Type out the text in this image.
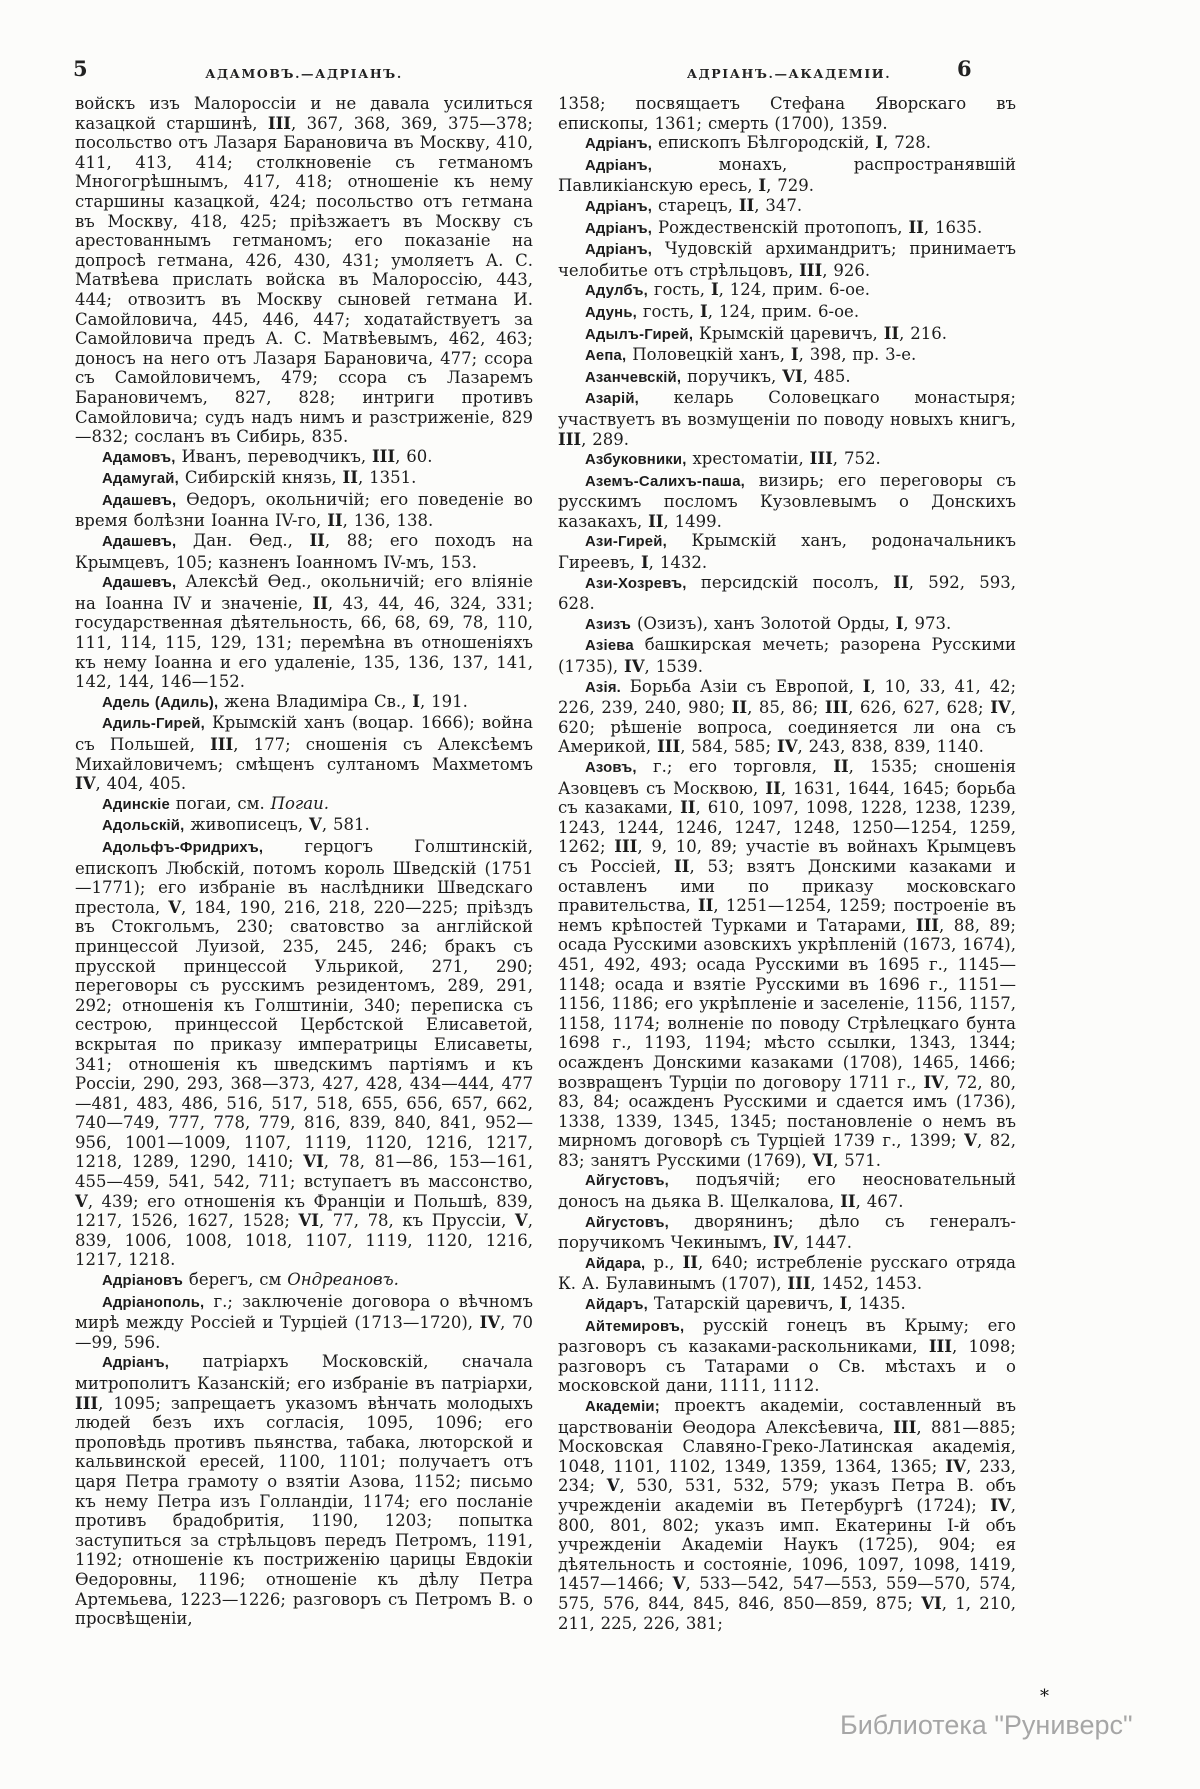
5	АДАМОВЪ.—АДРІАНЪ.	АДРІАНЪ.—АКАДЕМІИ.	6

войскъ изъ Малороссіи и не давала усилиться казацкой старшинѣ, III, 367, 368, 369, 375—378; посольство отъ Лазаря Барановича въ Москву, 410, 411, 413, 414; столкновеніе съ гетманомъ Многогрѣшнымъ, 417, 418; отношеніе къ нему старшины казацкой, 424; посольство отъ гетмана въ Москву, 418, 425; пріѣзжаетъ въ Москву съ арестованнымъ гетманомъ; его показаніе на допросѣ гетмана, 426, 430, 431; умоляетъ А. С. Матвѣева прислать войска въ Малороссію, 443, 444; отвозитъ въ Москву сыновей гетмана И. Самойловича, 445, 446, 447; ходатайствуетъ за Самойловича предъ А. С. Матвѣевымъ, 462, 463; доносъ на него отъ Лазаря Барановича, 477; ссора съ Самойловичемъ, 479; ссора съ Лазаремъ Барановичемъ, 827, 828; интриги противъ Самойловича; судъ надъ нимъ и разстриженіе, 829—832; сосланъ въ Сибирь, 835.

Адамовъ, Иванъ, переводчикъ, III, 60.

Адамугай, Сибирскій князь, II, 1351.

Адашевъ, Ѳедоръ, окольничій; его поведеніе во время болѣзни Іоанна IV-го, II, 136, 138.

Адашевъ, Дан. Ѳед., II, 88; его походъ на Крымцевъ, 105; казненъ Іоанномъ IV-мъ, 153.

Адашевъ, Алексѣй Ѳед., окольничій; его вліяніе на Іоанна IV и значеніе, II, 43, 44, 46, 324, 331; государственная дѣятельность, 66, 68, 69, 78, 110, 111, 114, 115, 129, 131; перемѣна въ отношеніяхъ къ нему Іоанна и его удаленіе, 135, 136, 137, 141, 142, 144, 146—152.

Адель (Адиль), жена Владиміра Св., I, 191.

Адиль-Гирей, Крымскій ханъ (воцар. 1666); война съ Польшей, III, 177; сношенія съ Алексѣемъ Михайловичемъ; смѣщенъ султаномъ Махметомъ IV, 404, 405.

Адинскіе погаи, см. Погаи.

Адольскій, живописецъ, V, 581.

Адольфъ-Фридрихъ, герцогъ Голштинскій, епископъ Любскій, потомъ король Шведскій (1751—1771); его избраніе въ наслѣдники Шведскаго престола, V, 184, 190, 216, 218, 220—225; пріѣздъ въ Стокгольмъ, 230; сватовство за англійской принцессой Луизой, 235, 245, 246; бракъ съ прусской принцессой Ульрикой, 271, 290; переговоры съ русскимъ резидентомъ, 289, 291, 292; отношенія къ Голштиніи, 340; переписка съ сестрою, принцессой Цербстской Елисаветой, вскрытая по приказу императрицы Елисаветы, 341; отношенія къ шведскимъ партіямъ и къ Россіи, 290, 293, 368—373, 427, 428, 434—444, 477—481, 483, 486, 516, 517, 518, 655, 656, 657, 662, 740—749, 777, 778, 779, 816, 839, 840, 841, 952—956, 1001—1009, 1107, 1119, 1120, 1216, 1217, 1218, 1289, 1290, 1410; VI, 78, 81—86, 153—161, 455—459, 541, 542, 711; вступаетъ въ массонство, V, 439; его отношенія къ Франціи и Польшѣ, 839, 1217, 1526, 1627, 1528; VI, 77, 78, къ Пруссіи, V, 839, 1006, 1008, 1018, 1107, 1119, 1120, 1216, 1217, 1218.

Адріановъ берегъ, см Ондреановъ.

Адріанополь, г.; заключеніе договора о вѣчномъ мирѣ между Россіей и Турціей (1713—1720), IV, 70—99, 596.

Адріанъ, патріархъ Московскій, сначала митрополитъ Казанскій; его избраніе въ патріархи, III, 1095; запрещаетъ указомъ вѣнчать молодыхъ людей безъ ихъ согласія, 1095, 1096; его проповѣдь противъ пьянства, табака, люторской и кальвинской ересей, 1100, 1101; получаетъ отъ царя Петра грамоту о взятіи Азова, 1152; письмо къ нему Петра изъ Голландіи, 1174; его посланіе противъ брадобритія, 1190, 1203; попытка заступиться за стрѣльцовъ передъ Петромъ, 1191, 1192; отношеніе къ постриженію царицы Евдокіи Ѳедоровны, 1196; отношеніе къ дѣлу Петра Артемьева, 1223—1226; разговоръ съ Петромъ В. о просвѣщеніи,

1358; посвящаетъ Стефана Яворскаго въ епископы, 1361; смерть (1700), 1359.

Адріанъ, епископъ Бѣлгородскій, I, 728.

Адріанъ, монахъ, распространявшій Павликіанскую ересь, I, 729.

Адріанъ, старецъ, II, 347.

Адріанъ, Рождественскій протопопъ, II, 1635.

Адріанъ, Чудовскій архимандритъ; принимаетъ челобитье отъ стрѣльцовъ, III, 926.

Адулбъ, гость, I, 124, прим. 6-ое.

Адунь, гость, I, 124, прим. 6-ое.

Адылъ-Гирей, Крымскій царевичъ, II, 216.

Аепа, Половецкій ханъ, I, 398, пр. 3-е.

Азанчевскій, поручикъ, VI, 485.

Азарій, келарь Соловецкаго монастыря; участвуетъ въ возмущеніи по поводу новыхъ книгъ, III, 289.

Азбуковники, хрестоматіи, III, 752.

Аземъ-Салихъ-паша, визирь; его переговоры съ русскимъ посломъ Кузовлевымъ о Донскихъ казакахъ, II, 1499.

Ази-Гирей, Крымскій ханъ, родоначальникъ Гиреевъ, I, 1432.

Ази-Хозревъ, персидскій посолъ, II, 592, 593, 628.

Азизъ (Озизъ), ханъ Золотой Орды, I, 973.

Азіева башкирская мечеть; разорена Русскими (1735), IV, 1539.

Азія. Борьба Азіи съ Европой, I, 10, 33, 41, 42; 226, 239, 240, 980; II, 85, 86; III, 626, 627, 628; IV, 620; рѣшеніе вопроса, соединяется ли она съ Америкой, III, 584, 585; IV, 243, 838, 839, 1140.

Азовъ, г.; его торговля, II, 1535; сношенія Азовцевъ съ Москвою, II, 1631, 1644, 1645; борьба съ казаками, II, 610, 1097, 1098, 1228, 1238, 1239, 1243, 1244, 1246, 1247, 1248, 1250—1254, 1259, 1262; III, 9, 10, 89; участіе въ войнахъ Крымцевъ съ Россіей, II, 53; взятъ Донскими казаками и оставленъ ими по приказу московскаго правительства, II, 1251—1254, 1259; построеніе въ немъ крѣпостей Турками и Татарами, III, 88, 89; осада Русскими азовскихъ укрѣпленій (1673, 1674), 451, 492, 493; осада Русскими въ 1695 г., 1145—1148; осада и взятіе Русскими въ 1696 г., 1151—1156, 1186; его укрѣпленіе и заселеніе, 1156, 1157, 1158, 1174; волненіе по поводу Стрѣлецкаго бунта 1698 г., 1193, 1194; мѣсто ссылки, 1343, 1344; осажденъ Донскими казаками (1708), 1465, 1466; возвращенъ Турціи по договору 1711 г., IV, 72, 80, 83, 84; осажденъ Русскими и сдается имъ (1736), 1338, 1339, 1345, 1345; постановленіе о немъ въ мирномъ договорѣ съ Турціей 1739 г., 1399; V, 82, 83; занятъ Русскими (1769), VI, 571.

Айгустовъ, подъячій; его неосновательный доносъ на дьяка В. Щелкалова, II, 467.

Айгустовъ, дворянинъ; дѣло съ генералъ-поручикомъ Чекинымъ, IV, 1447.

Айдара, р., II, 640; истребленіе русскаго отряда К. А. Булавинымъ (1707), III, 1452, 1453.

Айдаръ, Татарскій царевичъ, I, 1435.

Айтемировъ, русскій гонецъ въ Крыму; его разговоръ съ казаками-раскольниками, III, 1098; разговоръ съ Татарами о Св. мѣстахъ и о московской дани, 1111, 1112.

Академіи; проектъ академіи, составленный въ царствованіи Ѳеодора Алексѣевича, III, 881—885; Московская Славяно-Греко-Латинская академія, 1048, 1101, 1102, 1349, 1359, 1364, 1365; IV, 233, 234; V, 530, 531, 532, 579; указъ Петра В. объ учрежденіи академіи въ Петербургѣ (1724); IV, 800, 801, 802; указъ имп. Екатерины I-й объ учрежденіи Академіи Наукъ (1725), 904; ея дѣятельность и состояніе, 1096, 1097, 1098, 1419, 1457—1466; V, 533—542, 547—553, 559—570, 574, 575, 576, 844, 845, 846, 850—859, 875; VI, 1, 210, 211, 225, 226, 381;

*
Библиотека "Руниверс"
